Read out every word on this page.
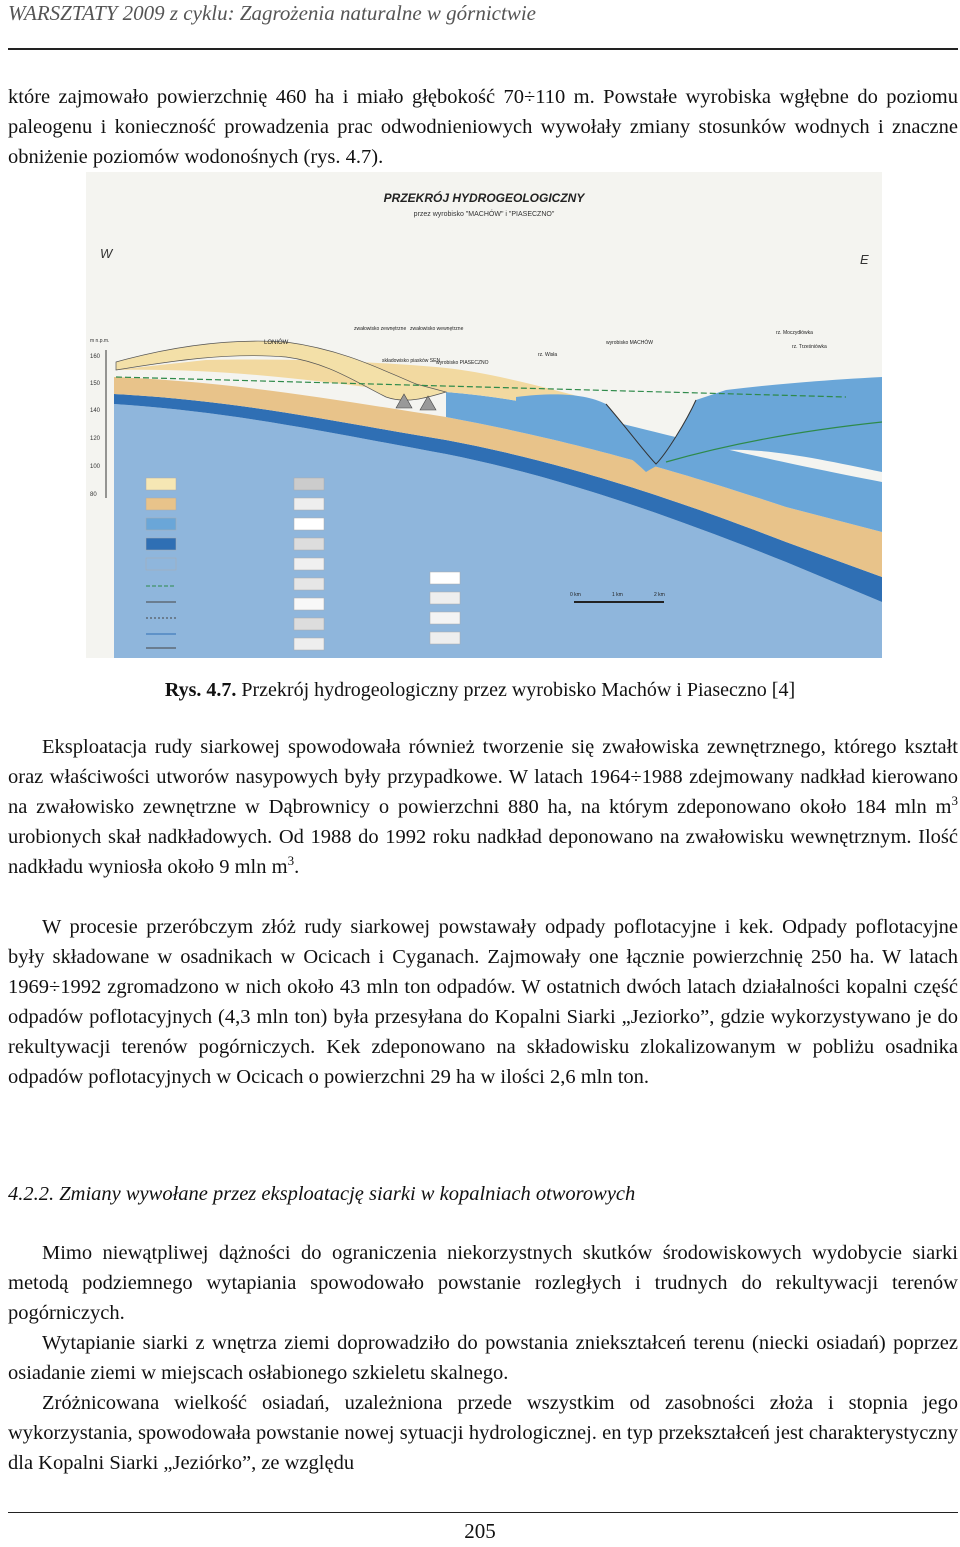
WARSZTATY 2009 z cyklu: Zagrożenia naturalne w górnictwie

które zajmowało powierzchnię 460 ha i miało głębokość 70÷110 m. Powstałe wyrobiska wgłębne do poziomu paleogenu i konieczność prowadzenia prac odwodnieniowych wywołały zmiany stosunków wodnych i znaczne obniżenie poziomów wodonośnych (rys. 4.7).

PRZEKRÓJ HYDROGEOLOGICZNY
przez wyrobisko "MACHÓW" i "PIASECZNO"
W	E
m n.p.m.
160
150
140
120
100
80
LONIÓW
zwałowisko zewnętrzne zwałowisko wewnętrzne
składowisko piasków SEN
wyrobisko PIASECZNO
rz. Wisła
wyrobisko MACHÓW
rz. Moczydłówka
rz. Trześniówka
0 km	1 km	2 km
Rys. 4.7. Przekrój hydrogeologiczny przez wyrobisko Machów i Piaseczno [4]

Eksploatacja rudy siarkowej spowodowała również tworzenie się zwałowiska zewnętrznego, którego kształt oraz właściwości utworów nasypowych były przypadkowe. W latach 1964÷1988 zdejmowany nadkład kierowano na zwałowisko zewnętrzne w Dąbrownicy o powierzchni 880 ha, na którym zdeponowano około 184 mln $m^3$ urobionych skał nadkładowych. Od 1988 do 1992 roku nadkład deponowano na zwałowisku wewnętrznym. Ilość nadkładu wyniosła około 9 mln $m^3$.

W procesie przeróbczym złóż rudy siarkowej powstawały odpady poflotacyjne i kek. Odpady poflotacyjne były składowane w osadnikach w Ocicach i Cyganach. Zajmowały one łącznie powierzchnię 250 ha. W latach 1969÷1992 zgromadzono w nich około 43 mln ton odpadów. W ostatnich dwóch latach działalności kopalni część odpadów poflotacyjnych (4,3 mln ton) była przesyłana do Kopalni Siarki „Jeziorko”, gdzie wykorzystywano je do rekultywacji terenów pogórniczych. Kek zdeponowano na składowisku zlokalizowanym w pobliżu osadnika odpadów poflotacyjnych w Ocicach o powierzchni 29 ha w ilości 2,6 mln ton.

4.2.2. Zmiany wywołane przez eksploatację siarki w kopalniach otworowych

Mimo niewątpliwej dążności do ograniczenia niekorzystnych skutków środowiskowych wydobycie siarki metodą podziemnego wytapiania spowodowało powstanie rozległych i trudnych do rekultywacji terenów pogórniczych.

Wytapianie siarki z wnętrza ziemi doprowadziło do powstania zniekształceń terenu (niecki osiadań) poprzez osiadanie ziemi w miejscach osłabionego szkieletu skalnego.

Zróżnicowana wielkość osiadań, uzależniona przede wszystkim od zasobności złoża i stopnia jego wykorzystania, spowodowała powstanie nowej sytuacji hydrologicznej. en typ przekształceń jest charakterystyczny dla Kopalni Siarki „Jeziórko”, ze względu

205
